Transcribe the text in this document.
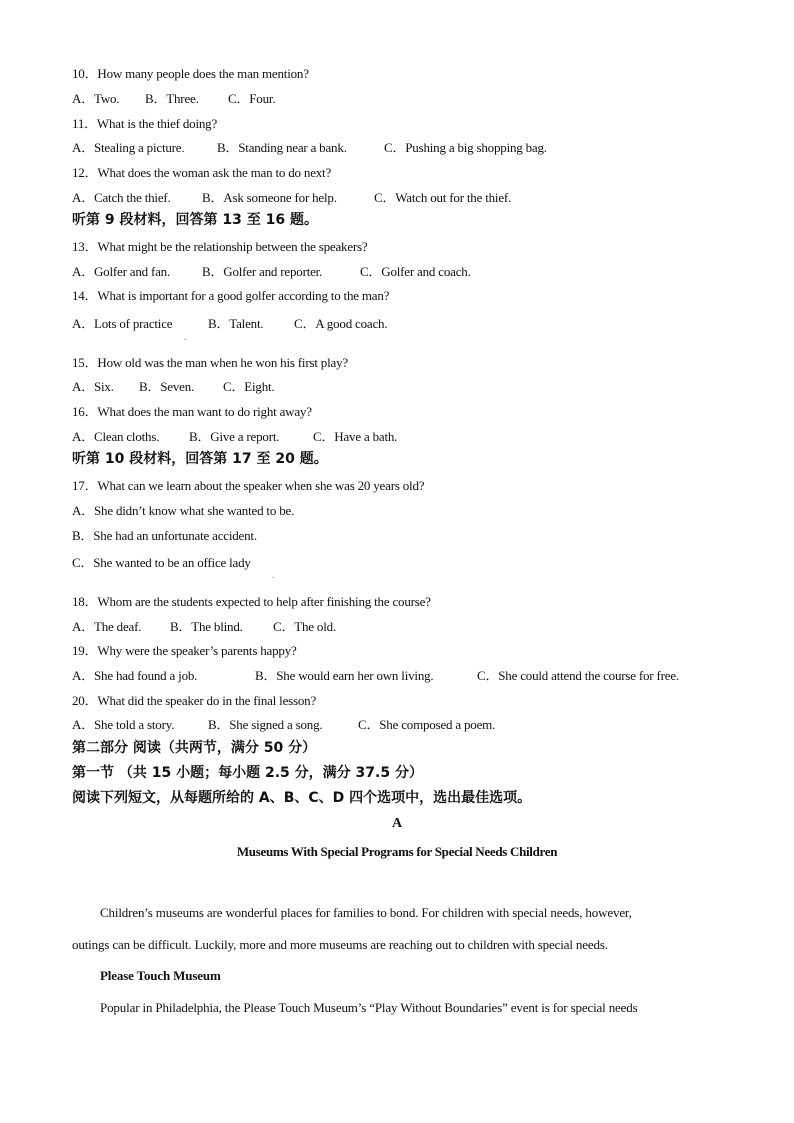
10．How many people does the man mention?
A．Two. B．Three. C．Four.
11．What is the thief doing?
A．Stealing a picture.	B．Standing near a bank.	C．Pushing a big shopping bag.
12．What does the woman ask the man to do next?
A．Catch the thief. B．Ask someone for help.	C．Watch out for the thief.
听第 9 段材料，回答第 13 至 16 题。
13．What might be the relationship between the speakers?
A．Golfer and fan. B．Golfer and reporter.	C．Golfer and coach.
14．What is important for a good golfer according to the man?
A．Lots of practice	B．Talent. C．A good coach.
.
15．How old was the man when he won his first play?
A．Six. B．Seven. C．Eight.
16．What does the man want to do right away?
A．Clean cloths. B．Give a report.	C．Have a bath.
听第 10 段材料，回答第 17 至 20 题。
17．What can we learn about the speaker when she was 20 years old?
A．She didn’t know what she wanted to be.
B．She had an unfortunate accident.
C．She wanted to be an office lady
.
18．Whom are the students expected to help after finishing the course?
A．The deaf. B．The blind. C．The old.
19．Why were the speaker’s parents happy?
A．She had found a job.	B．She would earn her own living.	C．She could attend the course for free.
20．What did the speaker do in the final lesson?
A．She told a story.	B．She signed a song.	C．She composed a poem.
第二部分 阅读（共两节，满分 50 分）
第一节 （共 15 小题；每小题 2.5 分，满分 37.5 分）
阅读下列短文，从每题所给的 A、B、C、D 四个选项中，选出最佳选项。
A
Museums With Special Programs for Special Needs Children
Children’s museums are wonderful places for families to bond. For children with special needs, however,
outings can be difficult. Luckily, more and more museums are reaching out to children with special needs.
Please Touch Museum
Popular in Philadelphia, the Please Touch Museum’s “Play Without Boundaries” event is for special needs
